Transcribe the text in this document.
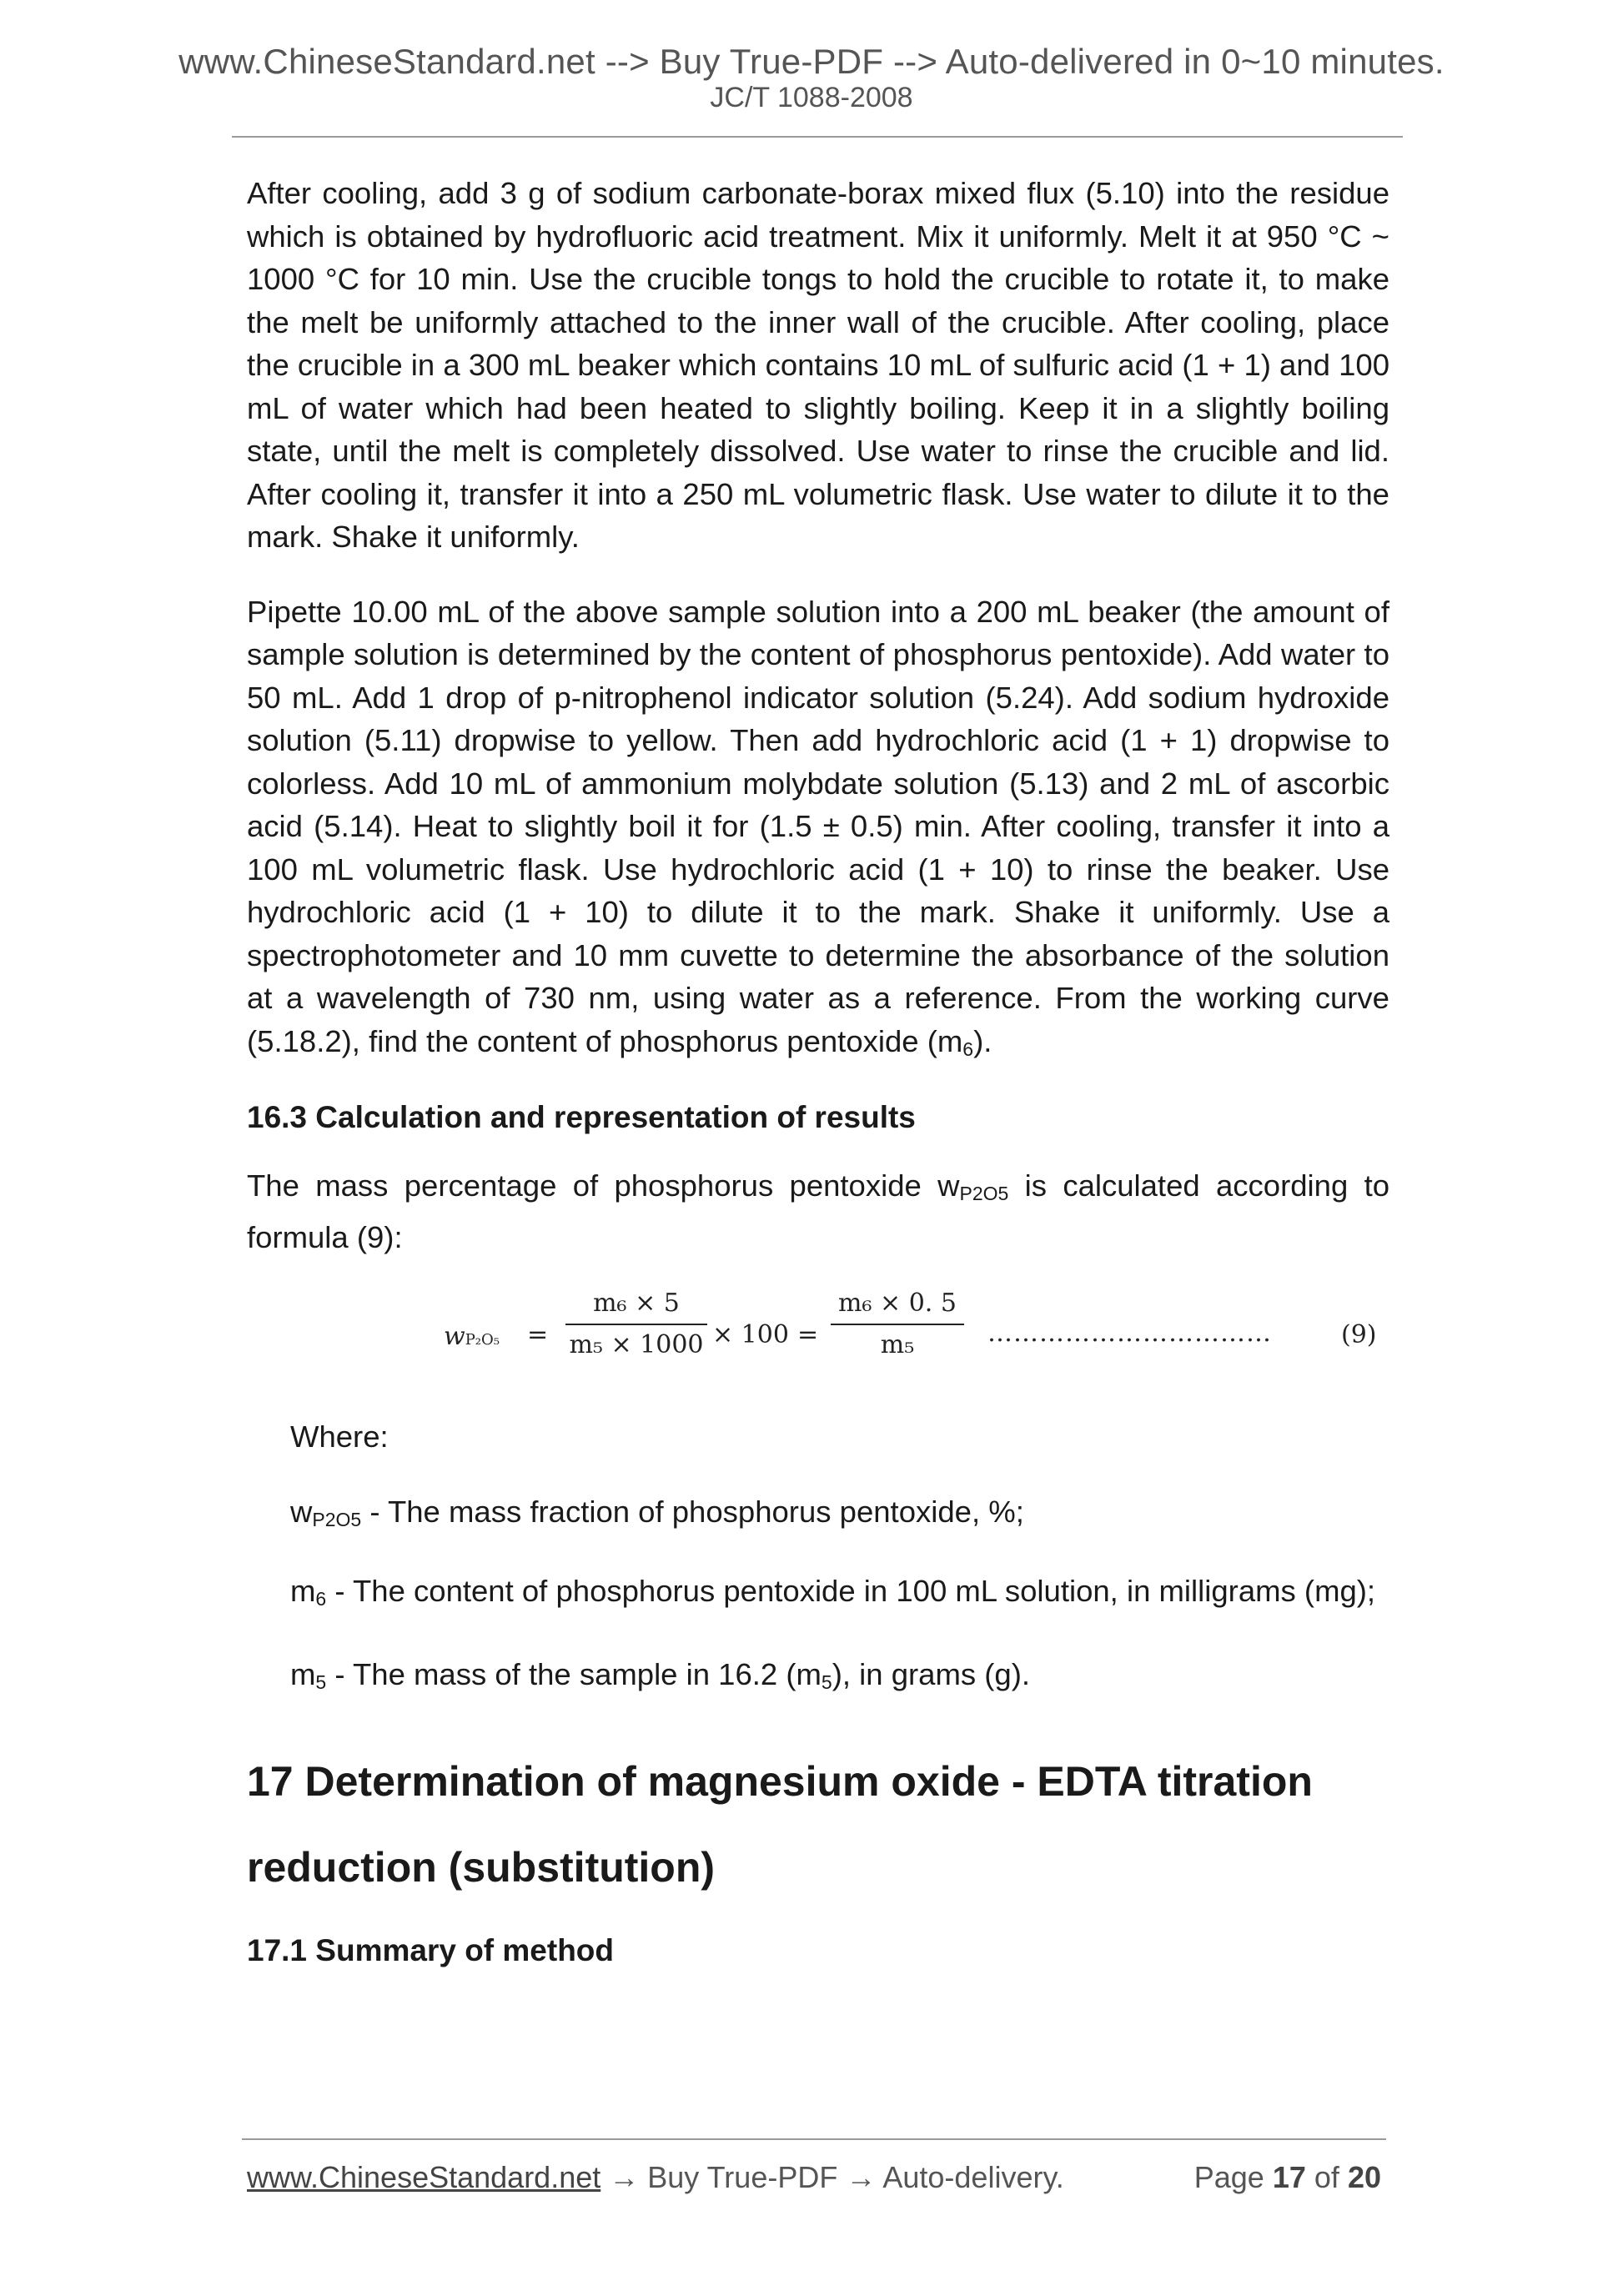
www.ChineseStandard.net --> Buy True-PDF --> Auto-delivered in 0~10 minutes.
JC/T 1088-2008

After cooling, add 3 g of sodium carbonate-borax mixed flux (5.10) into the residue which is obtained by hydrofluoric acid treatment. Mix it uniformly. Melt it at 950 °C ~ 1000 °C for 10 min. Use the crucible tongs to hold the crucible to rotate it, to make the melt be uniformly attached to the inner wall of the crucible. After cooling, place the crucible in a 300 mL beaker which contains 10 mL of sulfuric acid (1 + 1) and 100 mL of water which had been heated to slightly boiling. Keep it in a slightly boiling state, until the melt is completely dissolved. Use water to rinse the crucible and lid. After cooling it, transfer it into a 250 mL volumetric flask. Use water to dilute it to the mark. Shake it uniformly.

Pipette 10.00 mL of the above sample solution into a 200 mL beaker (the amount of sample solution is determined by the content of phosphorus pentoxide). Add water to 50 mL. Add 1 drop of p-nitrophenol indicator solution (5.24). Add sodium hydroxide solution (5.11) dropwise to yellow. Then add hydrochloric acid (1 + 1) dropwise to colorless. Add 10 mL of ammonium molybdate solution (5.13) and 2 mL of ascorbic acid (5.14). Heat to slightly boil it for (1.5 ± 0.5) min. After cooling, transfer it into a 100 mL volumetric flask. Use hydrochloric acid (1 + 10) to rinse the beaker. Use hydrochloric acid (1 + 10) to dilute it to the mark. Shake it uniformly. Use a spectrophotometer and 10 mm cuvette to determine the absorbance of the solution at a wavelength of 730 nm, using water as a reference. From the working curve (5.18.2), find the content of phosphorus pentoxide (m6).

16.3 Calculation and representation of results

The mass percentage of phosphorus pentoxide wP2O5 is calculated according to formula (9):

wP₂O₅ =
m₆ × 5
m₅ × 1000 × 100 =
m₆ × 0. 5
m₅	……………………………	(9)

Where:

wP2O5 - The mass fraction of phosphorus pentoxide, %;

m6 - The content of phosphorus pentoxide in 100 mL solution, in milligrams (mg);

m5 - The mass of the sample in 16.2 (m5), in grams (g).

17 Determination of magnesium oxide - EDTA titration reduction (substitution)
17.1 Summary of method
www.ChineseStandard.net → Buy True-PDF → Auto-delivery.	Page 17 of 20
